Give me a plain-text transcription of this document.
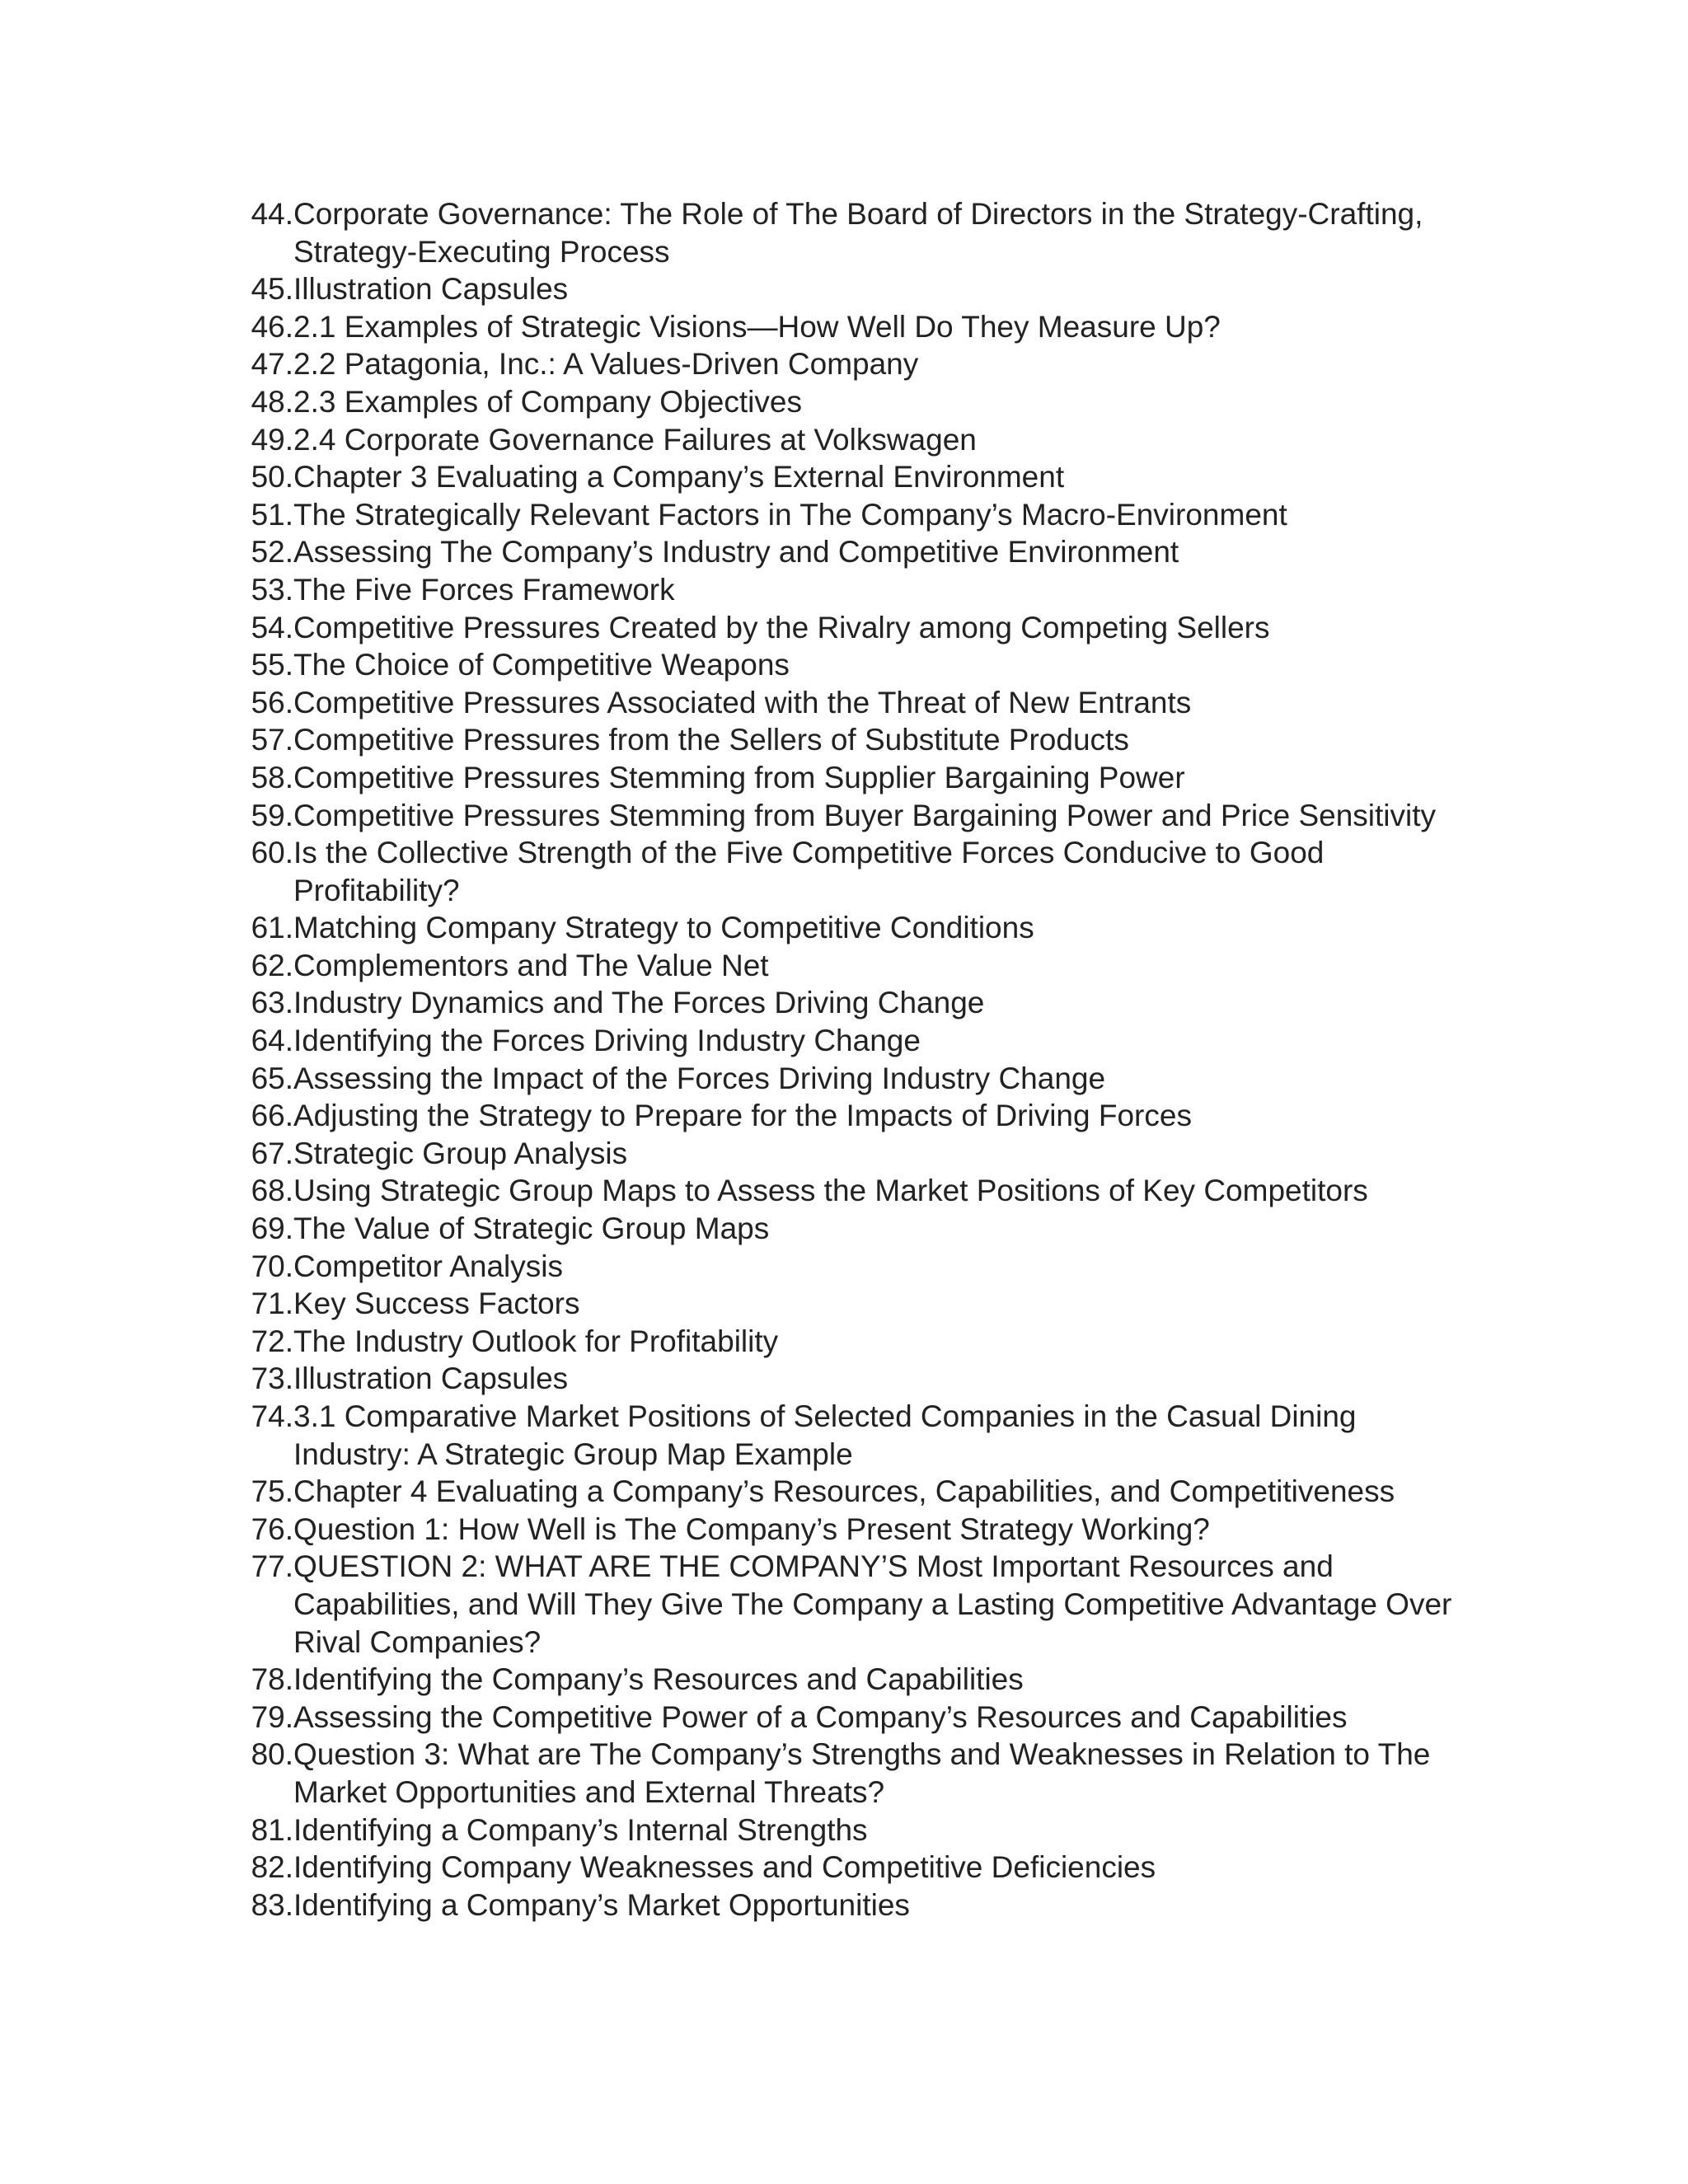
44. Corporate Governance: The Role of The Board of Directors in the Strategy-Crafting, Strategy-Executing Process
45. Illustration Capsules
46. 2.1 Examples of Strategic Visions—How Well Do They Measure Up?
47. 2.2 Patagonia, Inc.: A Values-Driven Company
48. 2.3 Examples of Company Objectives
49. 2.4 Corporate Governance Failures at Volkswagen
50. Chapter 3 Evaluating a Company’s External Environment
51. The Strategically Relevant Factors in The Company’s Macro-Environment
52. Assessing The Company’s Industry and Competitive Environment
53. The Five Forces Framework
54. Competitive Pressures Created by the Rivalry among Competing Sellers
55. The Choice of Competitive Weapons
56. Competitive Pressures Associated with the Threat of New Entrants
57. Competitive Pressures from the Sellers of Substitute Products
58. Competitive Pressures Stemming from Supplier Bargaining Power
59. Competitive Pressures Stemming from Buyer Bargaining Power and Price Sensitivity
60. Is the Collective Strength of the Five Competitive Forces Conducive to Good Profitability?
61. Matching Company Strategy to Competitive Conditions
62. Complementors and The Value Net
63. Industry Dynamics and The Forces Driving Change
64. Identifying the Forces Driving Industry Change
65. Assessing the Impact of the Forces Driving Industry Change
66. Adjusting the Strategy to Prepare for the Impacts of Driving Forces
67. Strategic Group Analysis
68. Using Strategic Group Maps to Assess the Market Positions of Key Competitors
69. The Value of Strategic Group Maps
70. Competitor Analysis
71. Key Success Factors
72. The Industry Outlook for Profitability
73. Illustration Capsules
74. 3.1 Comparative Market Positions of Selected Companies in the Casual Dining Industry: A Strategic Group Map Example
75. Chapter 4 Evaluating a Company’s Resources, Capabilities, and Competitiveness
76. Question 1: How Well is The Company’s Present Strategy Working?
77. QUESTION 2: WHAT ARE THE COMPANY’S Most Important Resources and Capabilities, and Will They Give The Company a Lasting Competitive Advantage Over Rival Companies?
78. Identifying the Company’s Resources and Capabilities
79. Assessing the Competitive Power of a Company’s Resources and Capabilities
80. Question 3: What are The Company’s Strengths and Weaknesses in Relation to The Market Opportunities and External Threats?
81. Identifying a Company’s Internal Strengths
82. Identifying Company Weaknesses and Competitive Deficiencies
83. Identifying a Company’s Market Opportunities
